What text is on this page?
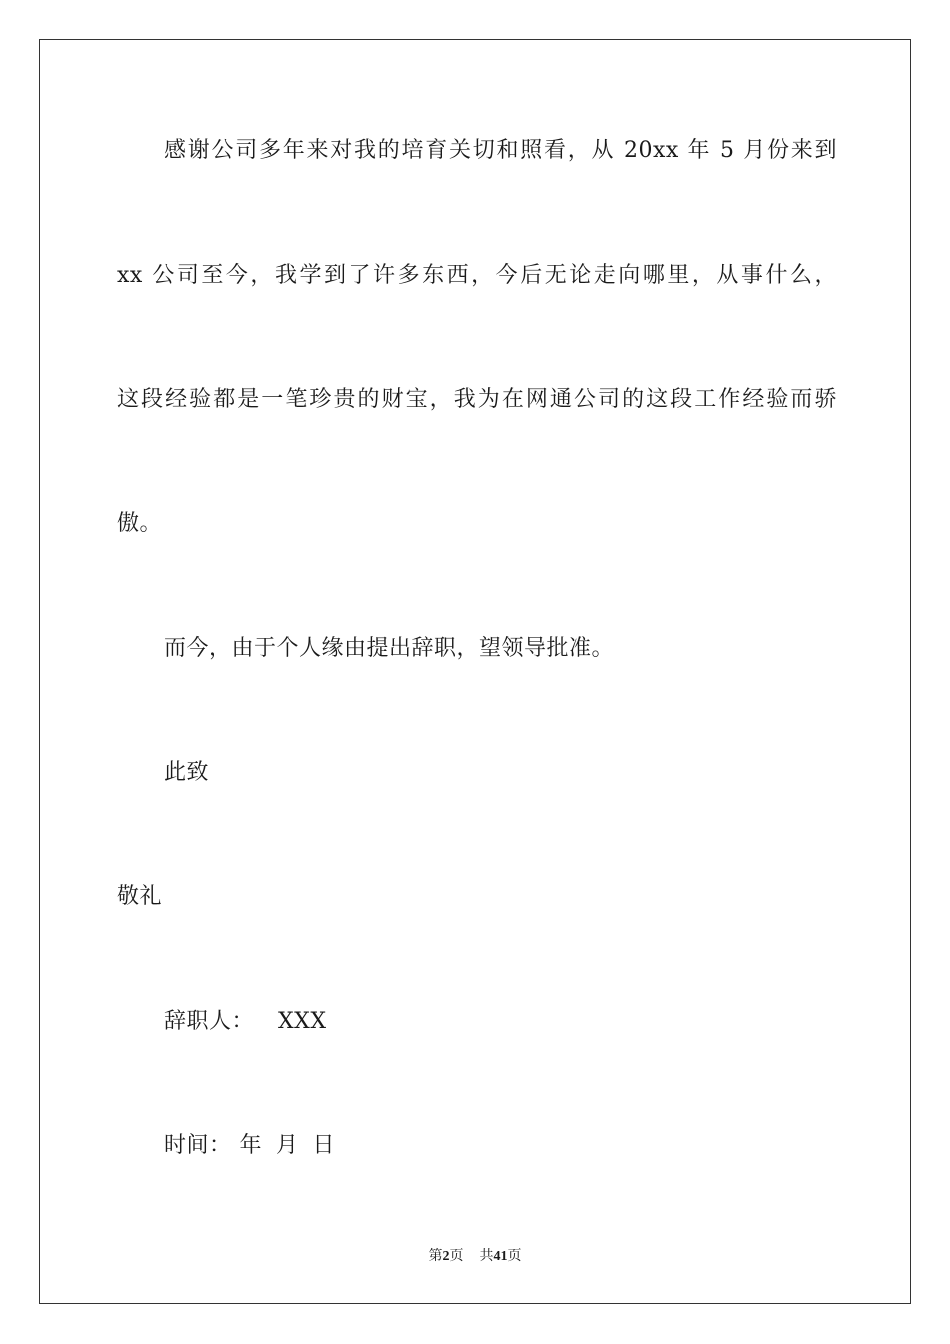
感谢公司多年来对我的培育关切和照看，从 20xx 年 5 月份来到
xx 公司至今，我学到了许多东西，今后无论走向哪里，从事什么，
这段经验都是一笔珍贵的财宝，我为在网通公司的这段工作经验而骄
傲。
而今，由于个人缘由提出辞职，望领导批准。
此致
敬礼
辞职人： XXX
时间： 年 月 日
第2页 共41页
